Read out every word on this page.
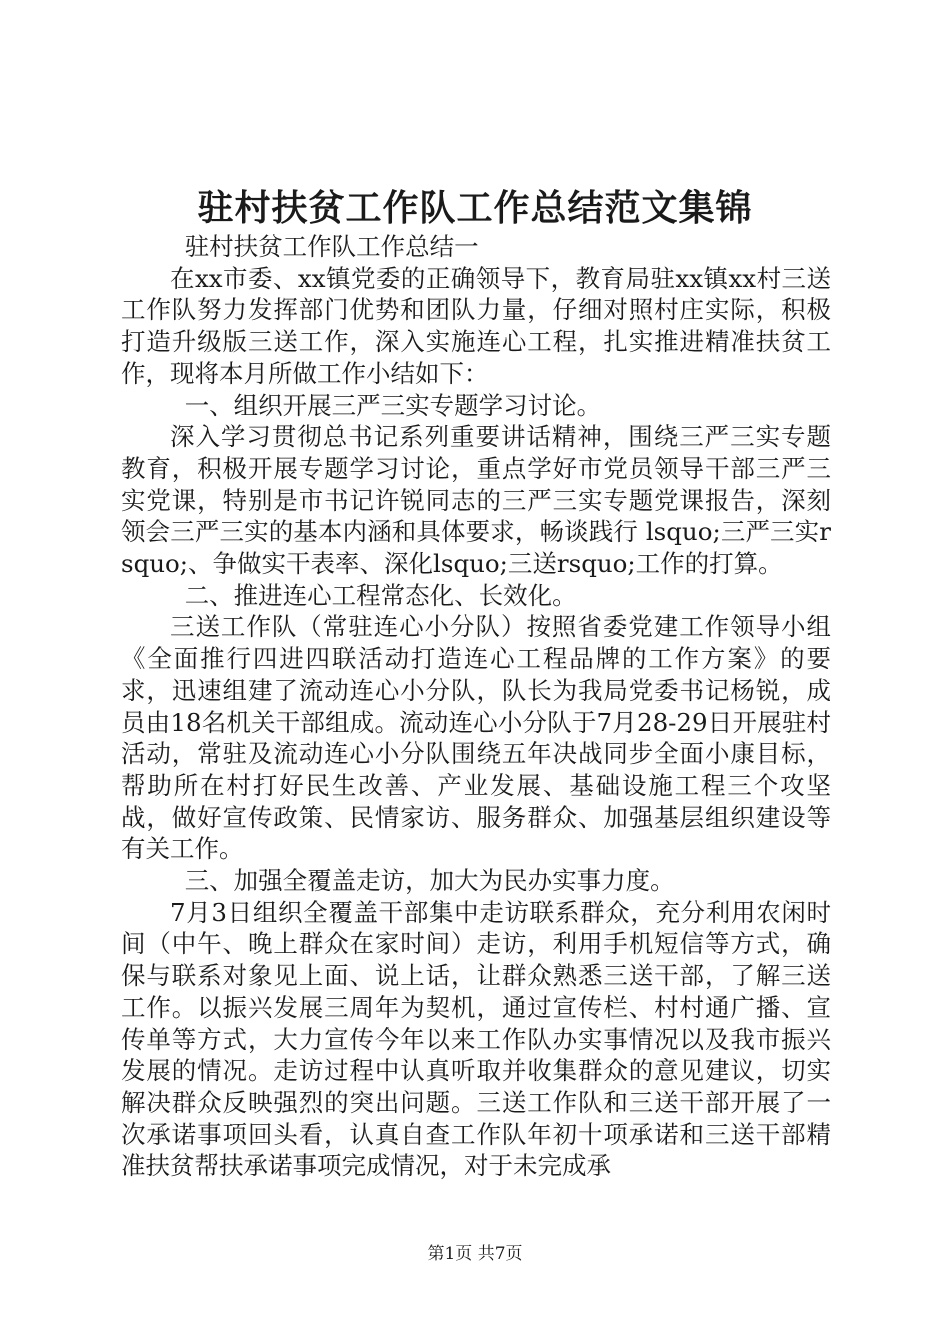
驻村扶贫工作队工作总结范文集锦

驻村扶贫工作队工作总结一

在xx市委、xx镇党委的正确领导下，教育局驻xx镇xx村三送工作队努力发挥部门优势和团队力量，仔细对照村庄实际，积极打造升级版三送工作，深入实施连心工程，扎实推进精准扶贫工作，现将本月所做工作小结如下：

一、组织开展三严三实专题学习讨论。

深入学习贯彻总书记系列重要讲话精神，围绕三严三实专题教育，积极开展专题学习讨论，重点学好市党员领导干部三严三实党课，特别是市书记许锐同志的三严三实专题党课报告，深刻领会三严三实的基本内涵和具体要求，畅谈践行 lsquo;三严三实rsquo;、争做实干表率、深化lsquo;三送rsquo;工作的打算。

二、推进连心工程常态化、长效化。

三送工作队（常驻连心小分队）按照省委党建工作领导小组《全面推行四进四联活动打造连心工程品牌的工作方案》的要求，迅速组建了流动连心小分队，队长为我局党委书记杨锐，成员由18名机关干部组成。流动连心小分队于7月28-29日开展驻村活动，常驻及流动连心小分队围绕五年决战同步全面小康目标，帮助所在村打好民生改善、产业发展、基础设施工程三个攻坚战，做好宣传政策、民情家访、服务群众、加强基层组织建设等有关工作。

三、加强全覆盖走访，加大为民办实事力度。

7月3日组织全覆盖干部集中走访联系群众，充分利用农闲时间（中午、晚上群众在家时间）走访，利用手机短信等方式，确保与联系对象见上面、说上话，让群众熟悉三送干部，了解三送工作。以振兴发展三周年为契机，通过宣传栏、村村通广播、宣传单等方式，大力宣传今年以来工作队办实事情况以及我市振兴发展的情况。走访过程中认真听取并收集群众的意见建议，切实解决群众反映强烈的突出问题。三送工作队和三送干部开展了一次承诺事项回头看，认真自查工作队年初十项承诺和三送干部精准扶贫帮扶承诺事项完成情况，对于未完成承

第1页 共7页
